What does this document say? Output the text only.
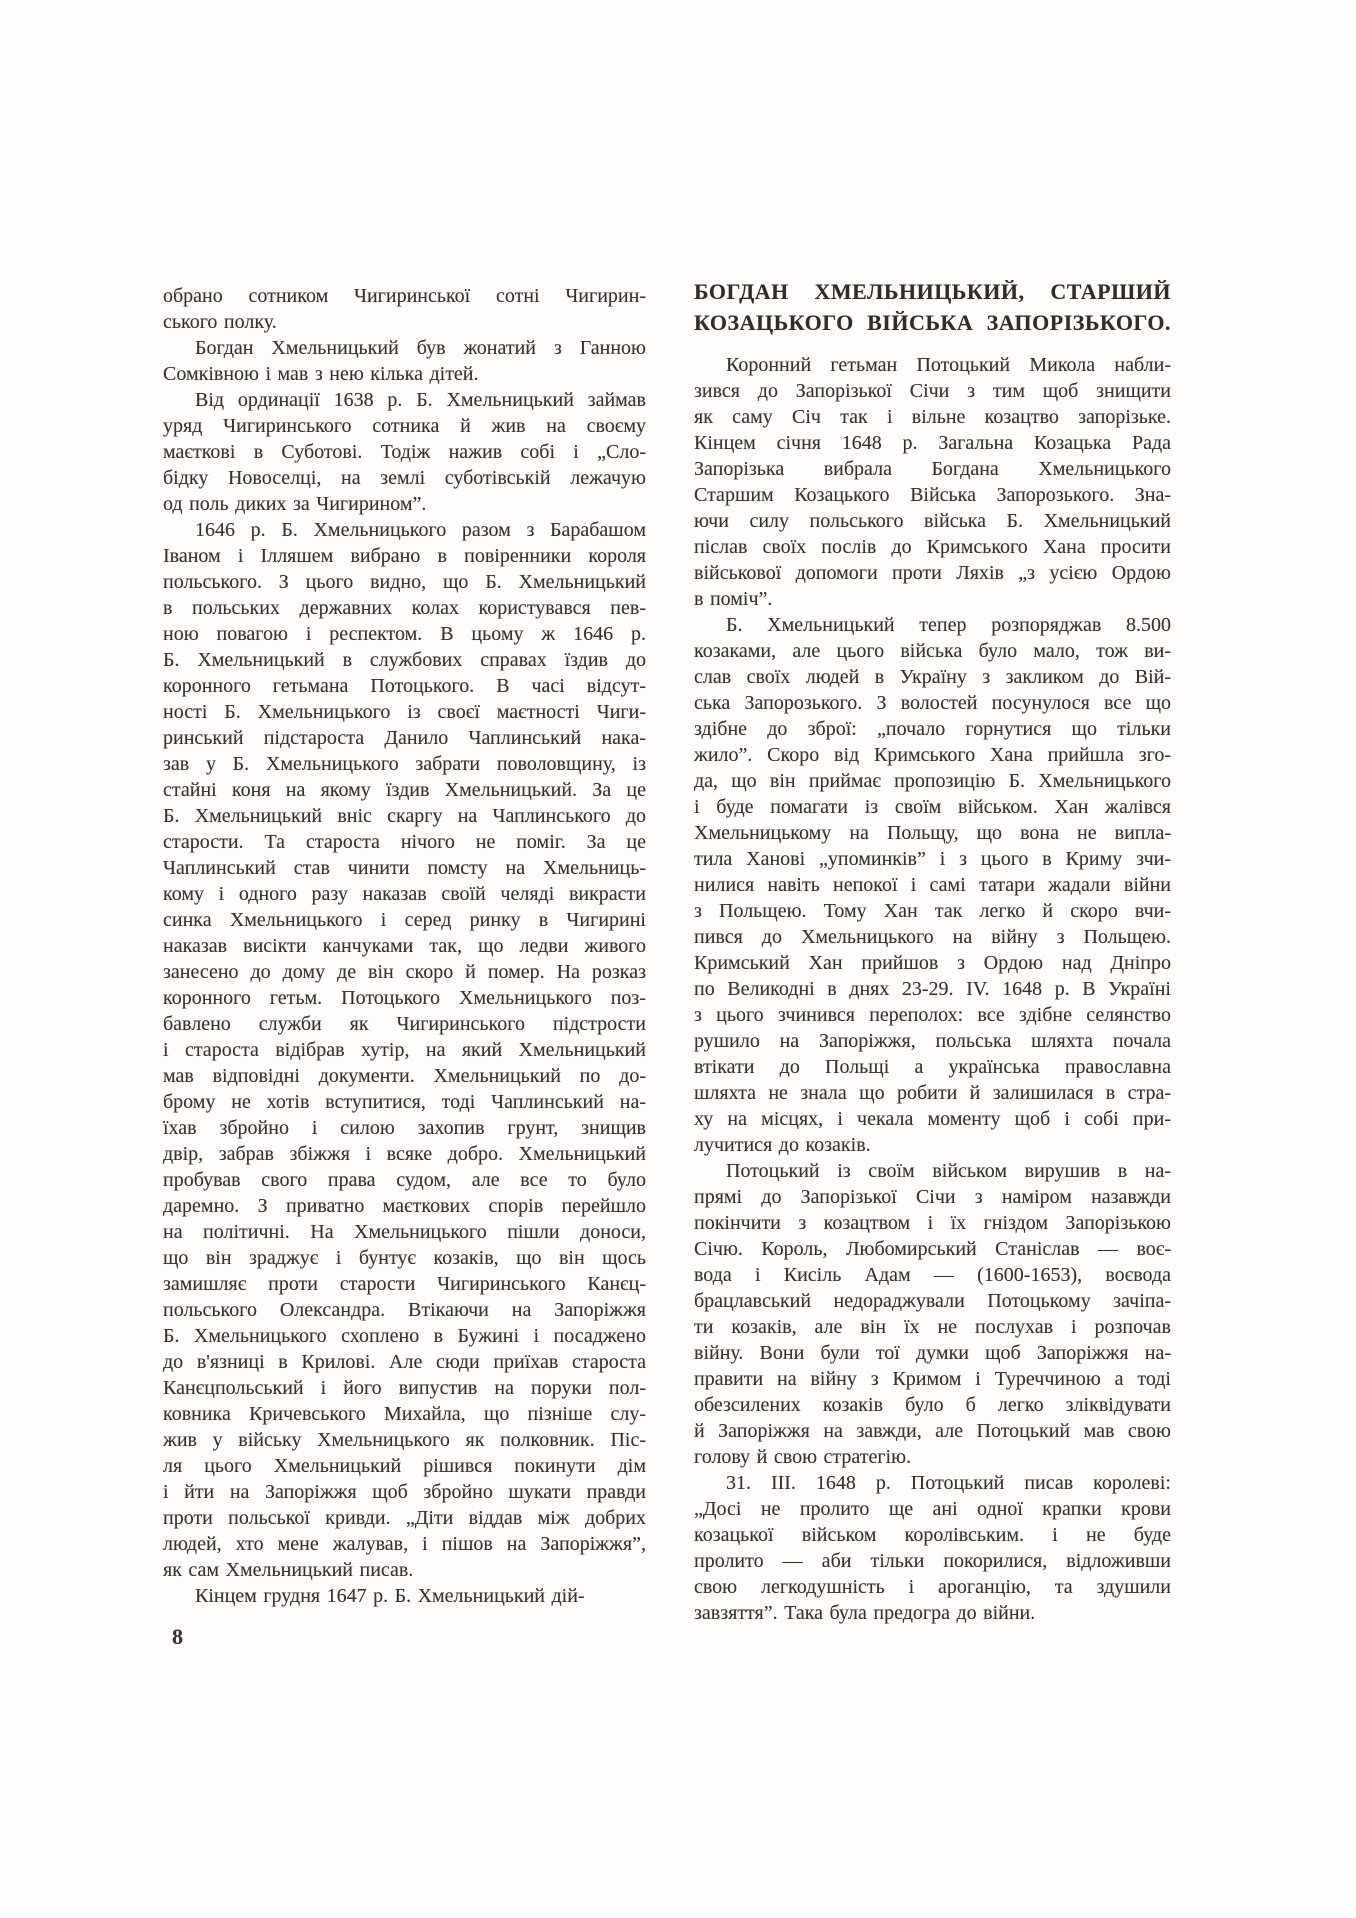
обрано сотником Чигиринської сотні Чигирин-
ського полку.
Богдан Хмельницький був жонатий з Ганною
Сомківною і мав з нею кілька дітей.
Від ординації 1638 р. Б. Хмельницький займав
уряд Чигиринського сотника й жив на своєму
маєткові в Суботові. Тодіж нажив собі і „Сло-
бідку Новоселці, на землі суботівській лежачую
од поль диких за Чигирином”.
1646 р. Б. Хмельницького разом з Барабашом
Іваном і Ілляшем вибрано в повіренники короля
польського. З цього видно, що Б. Хмельницький
в польських державних колах користувався пев-
ною повагою і респектом. В цьому ж 1646 р.
Б. Хмельницький в службових справах їздив до
коронного гетьмана Потоцького. В часі відсут-
ності Б. Хмельницького із своєї маєтності Чиги-
ринський підстароста Данило Чаплинський нака-
зав у Б. Хмельницького забрати поволовщину, із
стайні коня на якому їздив Хмельницький. За це
Б. Хмельницький вніс скаргу на Чаплинського до
старости. Та староста нічого не поміг. За це
Чаплинський став чинити помсту на Хмельниць-
кому і одного разу наказав своїй челяді викрасти
синка Хмельницького і серед ринку в Чигирині
наказав висікти канчуками так, що ледви живого
занесено до дому де він скоро й помер. На розказ
коронного гетьм. Потоцького Хмельницького поз-
бавлено служби як Чигиринського підстрости
і староста відібрав хутір, на який Хмельницький
мав відповідні документи. Хмельницький по до-
брому не хотів вступитися, тоді Чаплинський на-
їхав збройно і силою захопив грунт, знищив
двір, забрав збіжжя і всяке добро. Хмельницький
пробував свого права судом, але все то було
даремно. З приватно маєткових спорів перейшло
на політичні. На Хмельницького пішли доноси,
що він зраджує і бунтує козаків, що він щось
замишляє проти старости Чигиринського Канєц-
польського Олександра. Втікаючи на Запоріжжя
Б. Хмельницького схоплено в Бужині і посаджено
до в'язниці в Крилові. Але сюди приїхав староста
Канєцпольський і його випустив на поруки пол-
ковника Кричевського Михайла, що пізніше слу-
жив у війську Хмельницького як полковник. Піс-
ля цього Хмельницький рішився покинути дім
і йти на Запоріжжя щоб збройно шукати правди
проти польської кривди. „Діти віддав між добрих
людей, хто мене жалував, і пішов на Запоріжжя”,
як сам Хмельницький писав.
Кінцем грудня 1647 р. Б. Хмельницький дій-
БОГДАН ХМЕЛЬНИЦЬКИЙ, СТАРШИЙ
КОЗАЦЬКОГО ВІЙСЬКА ЗАПОРІЗЬКОГО.
Коронний гетьман Потоцький Микола набли-
зився до Запорізької Січи з тим щоб знищити
як саму Січ так і вільне козацтво запорізьке.
Кінцем січня 1648 р. Загальна Козацька Рада
Запорізька вибрала Богдана Хмельницького
Старшим Козацького Війська Запорозького. Зна-
ючи силу польського війська Б. Хмельницький
післав своїх послів до Кримського Хана просити
військової допомоги проти Ляхів „з усією Ордою
в поміч”.
Б. Хмельницький тепер розпоряджав 8.500
козаками, але цього війська було мало, тож ви-
слав своїх людей в Україну з закликом до Вій-
ська Запорозького. З волостей посунулося все що
здібне до зброї: „почало горнутися що тільки
жило”. Скоро від Кримського Хана прийшла зго-
да, що він приймає пропозицію Б. Хмельницького
і буде помагати із своїм військом. Хан жалівся
Хмельницькому на Польщу, що вона не випла-
тила Ханові „упоминків” і з цього в Криму зчи-
нилися навіть непокої і самі татари жадали війни
з Польщею. Тому Хан так легко й скоро вчи-
пився до Хмельницького на війну з Польщею.
Кримський Хан прийшов з Ордою над Дніпро
по Великодні в днях 23-29. IV. 1648 р. В Україні
з цього зчинився переполох: все здібне селянство
рушило на Запоріжжя, польська шляхта почала
втікати до Польщі а українська православна
шляхта не знала що робити й залишилася в стра-
ху на місцях, і чекала моменту щоб і собі при-
лучитися до козаків.
Потоцький із своїм військом вирушив в на-
прямі до Запорізької Січи з наміром назавжди
покінчити з козацтвом і їх гніздом Запорізькою
Січю. Король, Любомирський Станіслав — воє-
вода і Кисіль Адам — (1600-1653), воєвода
брацлавський недораджували Потоцькому зачіпа-
ти козаків, але він їх не послухав і розпочав
війну. Вони були тої думки щоб Запоріжжя на-
правити на війну з Кримом і Туреччиною а тоді
обезсилених козаків було б легко зліквідувати
й Запоріжжя на завжди, але Потоцький мав свою
голову й свою стратегію.
31. III. 1648 р. Потоцький писав королеві:
„Досі не пролито ще ані одної крапки крови
козацької військом королівським. і не буде
пролито — аби тільки покорилися, відложивши
свою легкодушність і ароганцію, та здушили
завзяття”. Така була предогра до війни.
8
